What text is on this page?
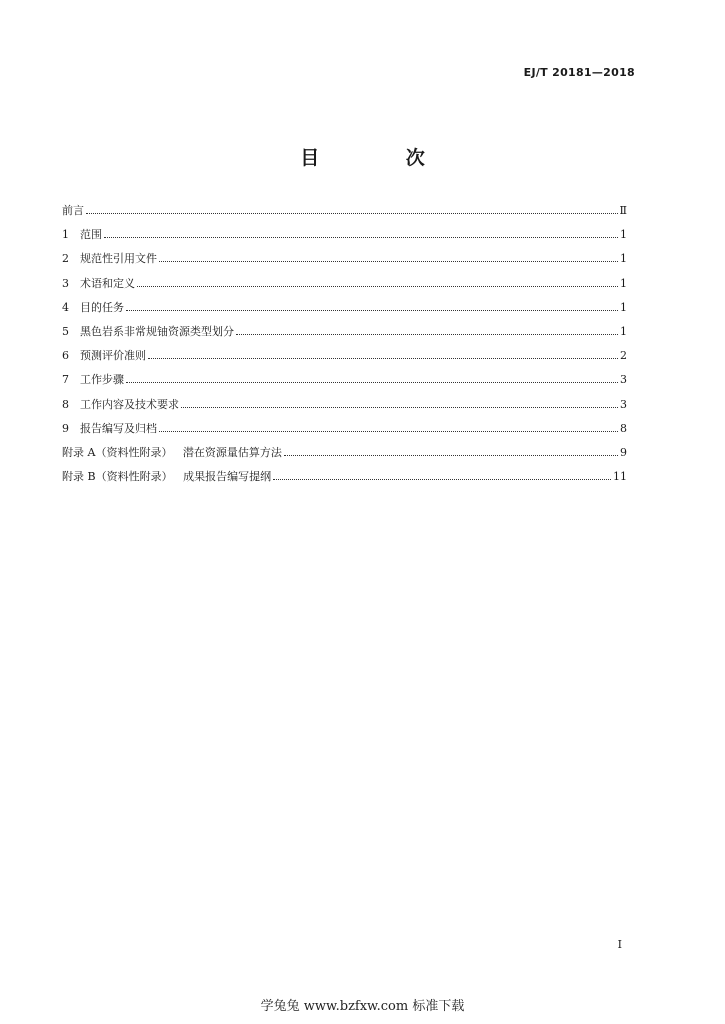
EJ/T 20181—2018
目 次
前言	Ⅱ
1	范围	1
2	规范性引用文件	1
3	术语和定义	1
4	目的任务	1
5	黑色岩系非常规铀资源类型划分	1
6	预测评价准则	2
7	工作步骤	3
8	工作内容及技术要求	3
9	报告编写及归档	8
附录 A（资料性附录）   潜在资源量估算方法	9
附录 B（资料性附录）   成果报告编写提纲	11
I
学兔兔 www.bzfxw.com 标准下载
